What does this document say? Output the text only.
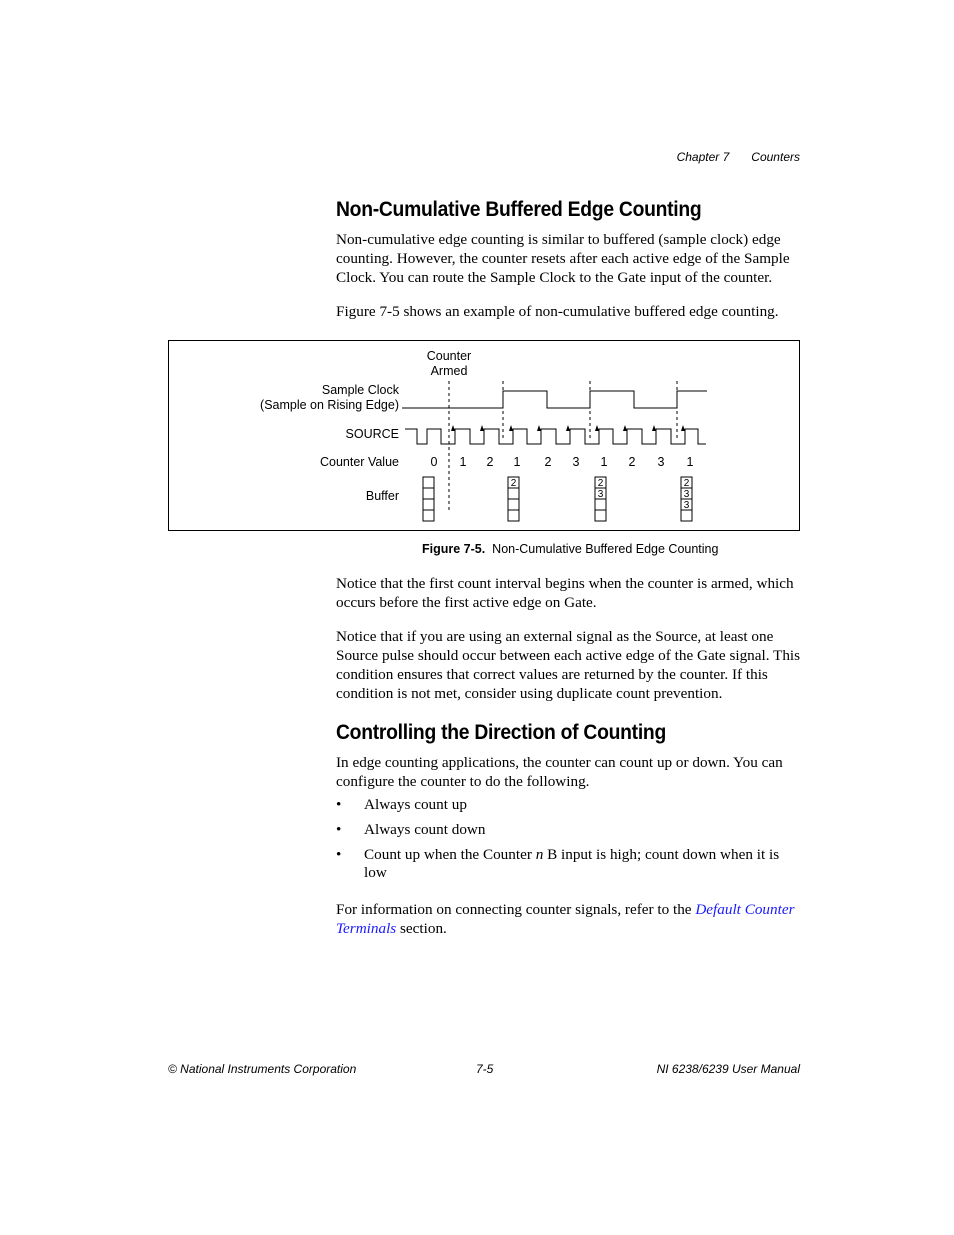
Chapter 7 Counters
Non-Cumulative Buffered Edge Counting

Non-cumulative edge counting is similar to buffered (sample clock) edge counting. However, the counter resets after each active edge of the Sample Clock. You can route the Sample Clock to the Gate input of the counter.

Figure 7-5 shows an example of non-cumulative buffered edge counting.

Counter
Armed
Sample Clock
(Sample on Rising Edge)
SOURCE
Counter Value
Buffer
0 1 2 1 2 3 1 2 3 1
2	2
3
2
3
3
Figure 7-5. Non-Cumulative Buffered Edge Counting

Notice that the first count interval begins when the counter is armed, which occurs before the first active edge on Gate.

Notice that if you are using an external signal as the Source, at least one Source pulse should occur between each active edge of the Gate signal. This condition ensures that correct values are returned by the counter. If this condition is not met, consider using duplicate count prevention.

Controlling the Direction of Counting

In edge counting applications, the counter can count up or down. You can configure the counter to do the following.

• Always count up
• Always count down
• Count up when the Counter n B input is high; count down when it is low

For information on connecting counter signals, refer to the Default Counter Terminals section.

© National Instruments Corporation	7-5	NI 6238/6239 User Manual
